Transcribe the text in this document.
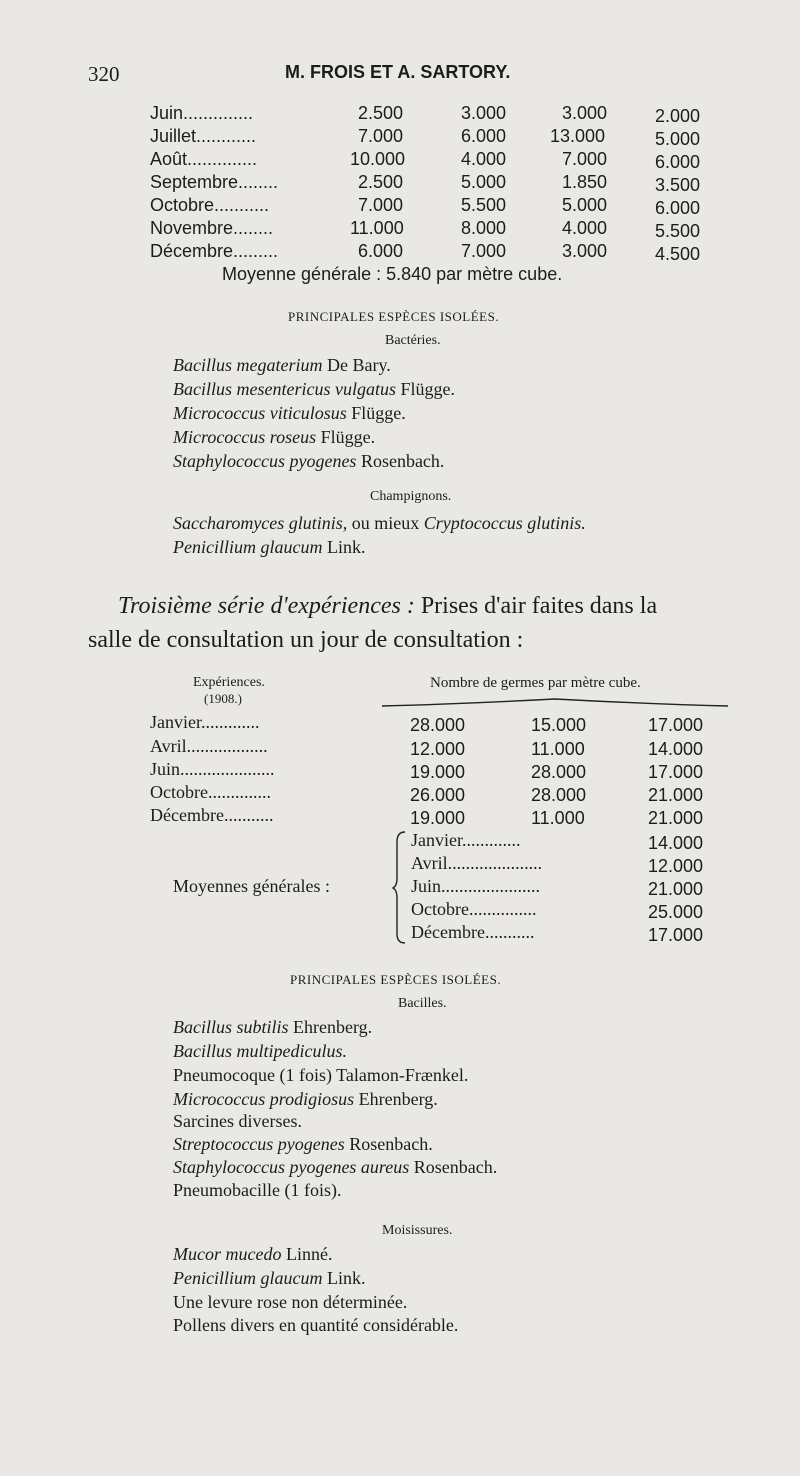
320	M. FROIS ET A. SARTORY.
Juin..............	2.500	3.000	3.000	2.000
Juillet............	7.000	6.000 13.000	5.000
Août..............	10.000	4.000	7.000	6.000
Septembre........	2.500	5.000	1.850	3.500
Octobre...........	7.000	5.500	5.000	6.000
Novembre........	11.000	8.000	4.000	5.500
Décembre.........	6.000	7.000	3.000	4.500
Moyenne générale : 5.840 par mètre cube.
PRINCIPALES ESPÈCES ISOLÉES.
Bactéries.
Bacillus megaterium De Bary.
Bacillus mesentericus vulgatus Flügge.
Micrococcus viticulosus Flügge.
Micrococcus roseus Flügge.
Staphylococcus pyogenes Rosenbach.
Champignons.
Saccharomyces glutinis, ou mieux Cryptococcus glutinis.
Penicillium glaucum Link.
Troisième série d'expériences : Prises d'air faites dans la
salle de consultation un jour de consultation :
Expériences.
(1908.)
Nombre de germes par mètre cube.
Janvier.............	28.000	15.000	17.000
Avril..................	12.000	11.000	14.000
Juin.....................	19.000	28.000	17.000
Octobre..............	26.000	28.000	21.000
Décembre...........	19.000	11.000	21.000
Moyennes générales :
Janvier.............	14.000
Avril.....................	12.000
Juin......................	21.000
Octobre...............	25.000
Décembre...........	17.000
PRINCIPALES ESPÈCES ISOLÉES.
Bacilles.
Bacillus subtilis Ehrenberg.
Bacillus multipediculus.
Pneumocoque (1 fois) Talamon-Frænkel.
Micrococcus prodigiosus Ehrenberg.
Sarcines diverses.
Streptococcus pyogenes Rosenbach.
Staphylococcus pyogenes aureus Rosenbach.
Pneumobacille (1 fois).
Moisissures.
Mucor mucedo Linné.
Penicillium glaucum Link.
Une levure rose non déterminée.
Pollens divers en quantité considérable.
